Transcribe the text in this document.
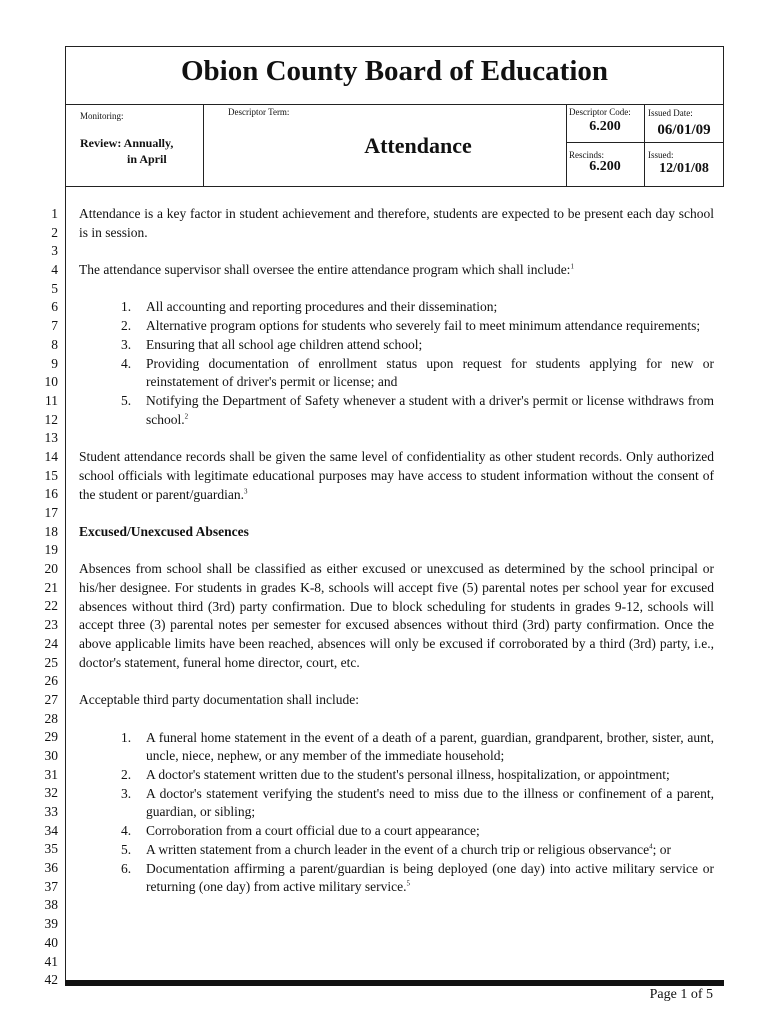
Obion County Board of Education
Monitoring:
Review: Annually,
in April
Descriptor Term:
Attendance
Descriptor Code:
6.200
Issued Date:
06/01/09
Rescinds:
6.200
Issued:
12/01/08
1
2
3
4
5
6
7
8
9
10
11
12
13
14
15
16
17
18
19
20
21
22
23
24
25
26
27
28
29
30
31
32
33
34
35
36
37
38
39
40
41
42

Attendance is a key factor in student achievement and therefore, students are expected to be present each day school is in session.

The attendance supervisor shall oversee the entire attendance program which shall include:$^1$

1. All accounting and reporting procedures and their dissemination;
2. Alternative program options for students who severely fail to meet minimum attendance requirements;
3. Ensuring that all school age children attend school;
4. Providing documentation of enrollment status upon request for students applying for new or reinstatement of driver's permit or license; and
5. Notifying the Department of Safety whenever a student with a driver's permit or license withdraws from school.$^2$

Student attendance records shall be given the same level of confidentiality as other student records. Only authorized school officials with legitimate educational purposes may have access to student information without the consent of the student or parent/guardian.$^3$

Excused/Unexcused Absences

Absences from school shall be classified as either excused or unexcused as determined by the school principal or his/her designee. For students in grades K-8, schools will accept five (5) parental notes per school year for excused absences without third (3rd) party confirmation. Due to block scheduling for students in grades 9-12, schools will accept three (3) parental notes per semester for excused absences without third (3rd) party confirmation. Once the above applicable limits have been reached, absences will only be excused if corroborated by a third (3rd) party, i.e., doctor's statement, funeral home director, court, etc.

Acceptable third party documentation shall include:

1. A funeral home statement in the event of a death of a parent, guardian, grandparent, brother, sister, aunt, uncle, niece, nephew, or any member of the immediate household;
2. A doctor's statement written due to the student's personal illness, hospitalization, or appointment;
3. A doctor's statement verifying the student's need to miss due to the illness or confinement of a parent, guardian, or sibling;
4. Corroboration from a court official due to a court appearance;
5. A written statement from a church leader in the event of a church trip or religious observance$^4$; or
6. Documentation affirming a parent/guardian is being deployed (one day) into active military service or returning (one day) from active military service.$^5$
Page 1 of 5
